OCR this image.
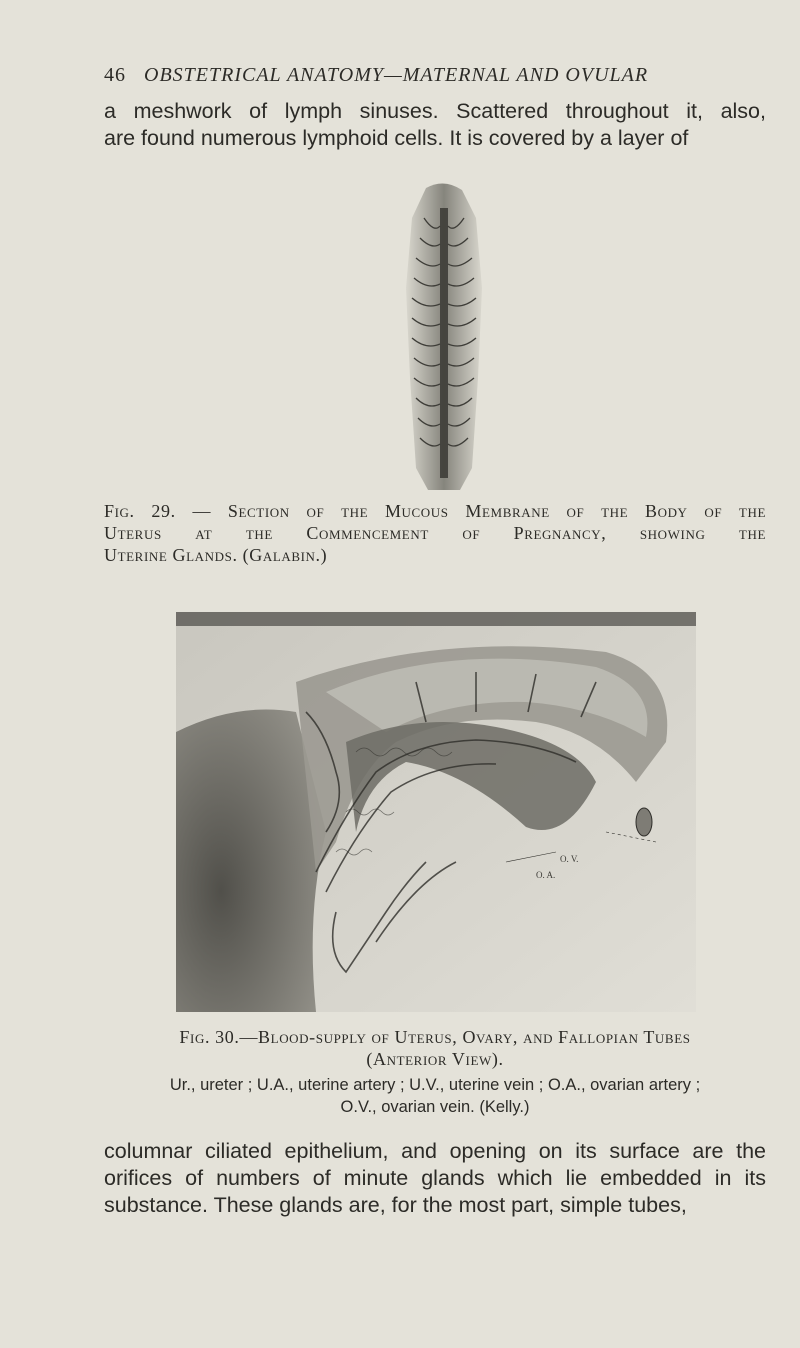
46 OBSTETRICAL ANATOMY—MATERNAL AND OVULAR
a meshwork of lymph sinuses. Scattered throughout it, also,
are found numerous lymphoid cells. It is covered by a layer of
Fig. 29. — Section of the Mucous Membrane of the Body of the
Uterus at the Commencement of Pregnancy, showing the
Uterine Glands. (Galabin.)
O. V.
O. A.
Fig. 30.—Blood-supply of Uterus, Ovary, and Fallopian Tubes
(Anterior View).
Ur., ureter ; U.A., uterine artery ; U.V., uterine vein ; O.A., ovarian artery ;
O.V., ovarian vein. (Kelly.)
columnar ciliated epithelium, and opening on its surface are the
orifices of numbers of minute glands which lie embedded in its
substance. These glands are, for the most part, simple tubes,
